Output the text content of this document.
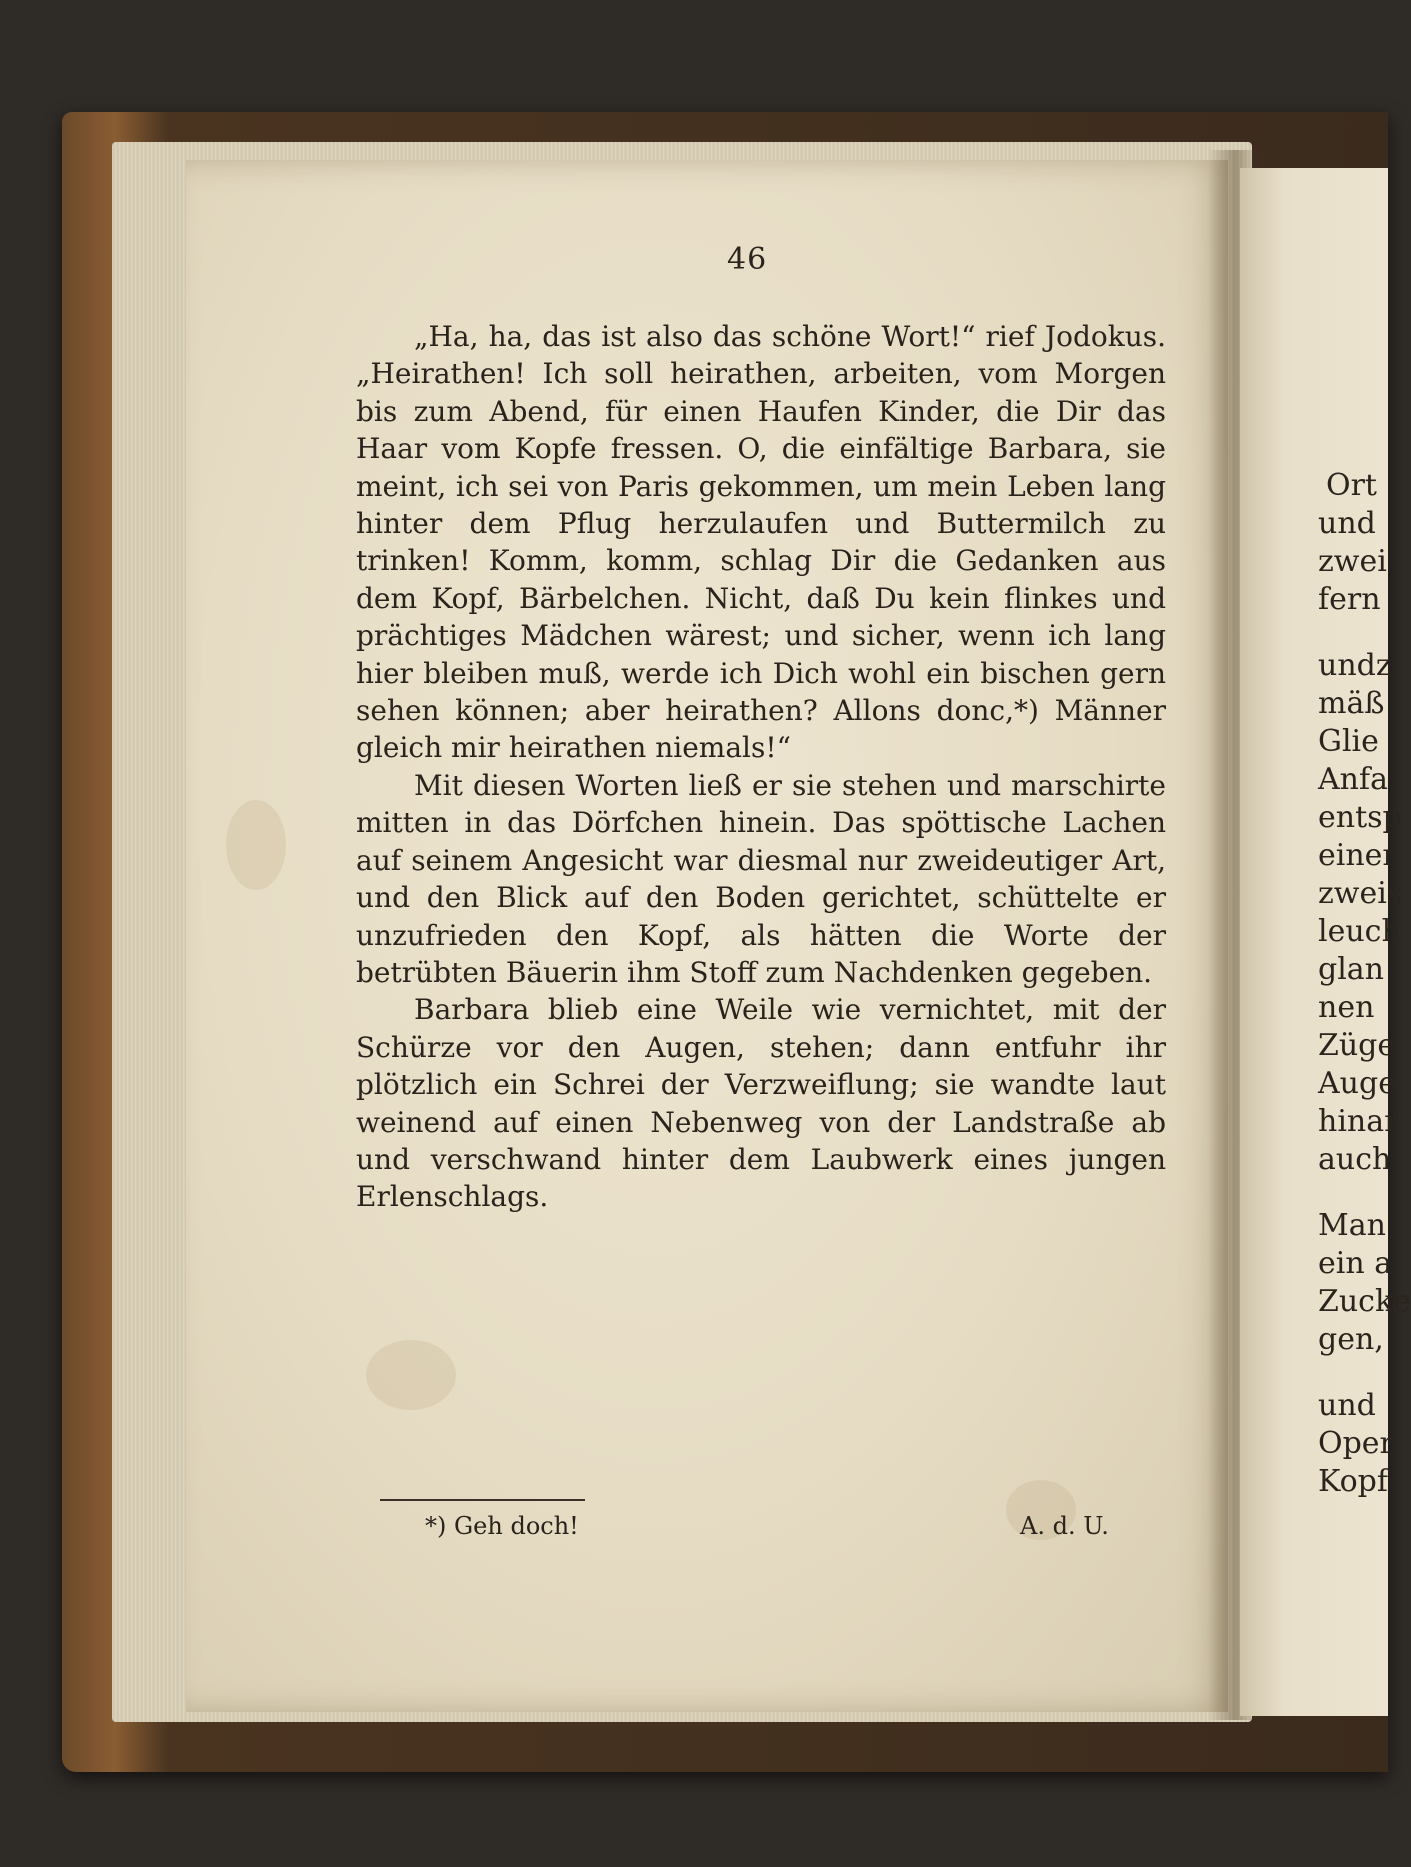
Ort
und
zwei
fern
undz
mäß
Glie
Anfa
entsp
einer
zweis
leuch
glan
nen
Züge
Auge
hinar
auch
Man
ein a
Zucke
gen,
und
Oper
Kopf
46

„Ha, ha, das ist also das schöne Wort!“ rief Jodokus. „Heirathen! Ich soll heirathen, arbeiten, vom Morgen bis zum Abend, für einen Haufen Kinder, die Dir das Haar vom Kopfe fressen. O, die einfältige Barbara, sie meint, ich sei von Paris gekommen, um mein Leben lang hinter dem Pflug herzulaufen und Buttermilch zu trinken! Komm, komm, schlag Dir die Gedanken aus dem Kopf, Bärbelchen. Nicht, daß Du kein flinkes und prächtiges Mädchen wärest; und sicher, wenn ich lang hier bleiben muß, werde ich Dich wohl ein bischen gern sehen können; aber heirathen? Allons donc,*) Männer gleich mir heirathen niemals!“

Mit diesen Worten ließ er sie stehen und marschirte mitten in das Dörfchen hinein. Das spöttische Lachen auf seinem Angesicht war diesmal nur zweideutiger Art, und den Blick auf den Boden gerichtet, schüttelte er unzufrieden den Kopf, als hätten die Worte der betrübten Bäuerin ihm Stoff zum Nachdenken gegeben.

Barbara blieb eine Weile wie vernichtet, mit der Schürze vor den Augen, stehen; dann entfuhr ihr plötzlich ein Schrei der Verzweiflung; sie wandte laut weinend auf einen Nebenweg von der Landstraße ab und verschwand hinter dem Laubwerk eines jungen Erlenschlags.

*) Geh doch!	A. d. U.
